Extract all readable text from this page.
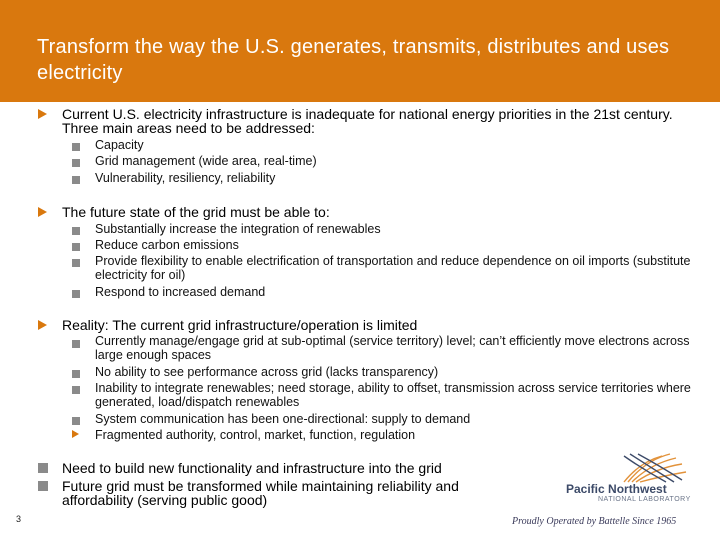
Transform the way the U.S. generates, transmits, distributes and uses electricity
Current U.S. electricity infrastructure is inadequate for national energy priorities in the 21st century. Three main areas need to be addressed:
Capacity
Grid management (wide area, real-time)
Vulnerability, resiliency, reliability
The future state of the grid must be able to:
Substantially increase the integration of renewables
Reduce carbon emissions
Provide flexibility to enable electrification of transportation and reduce dependence on oil imports (substitute electricity for oil)
Respond to increased demand
Reality: The current grid infrastructure/operation is limited
Currently manage/engage grid at sub-optimal (service territory) level; can’t efficiently move electrons across large enough spaces
No ability to see performance across grid (lacks transparency)
Inability to integrate renewables; need storage, ability to offset, transmission across service territories where generated, load/dispatch renewables
System communication has been one-directional: supply to demand
Fragmented authority, control, market, function, regulation
Need to build new functionality and infrastructure into the grid
Future grid must be transformed while maintaining reliability and affordability (serving public good)
Pacific Northwest
NATIONAL LABORATORY
Proudly Operated by Battelle Since 1965
3
